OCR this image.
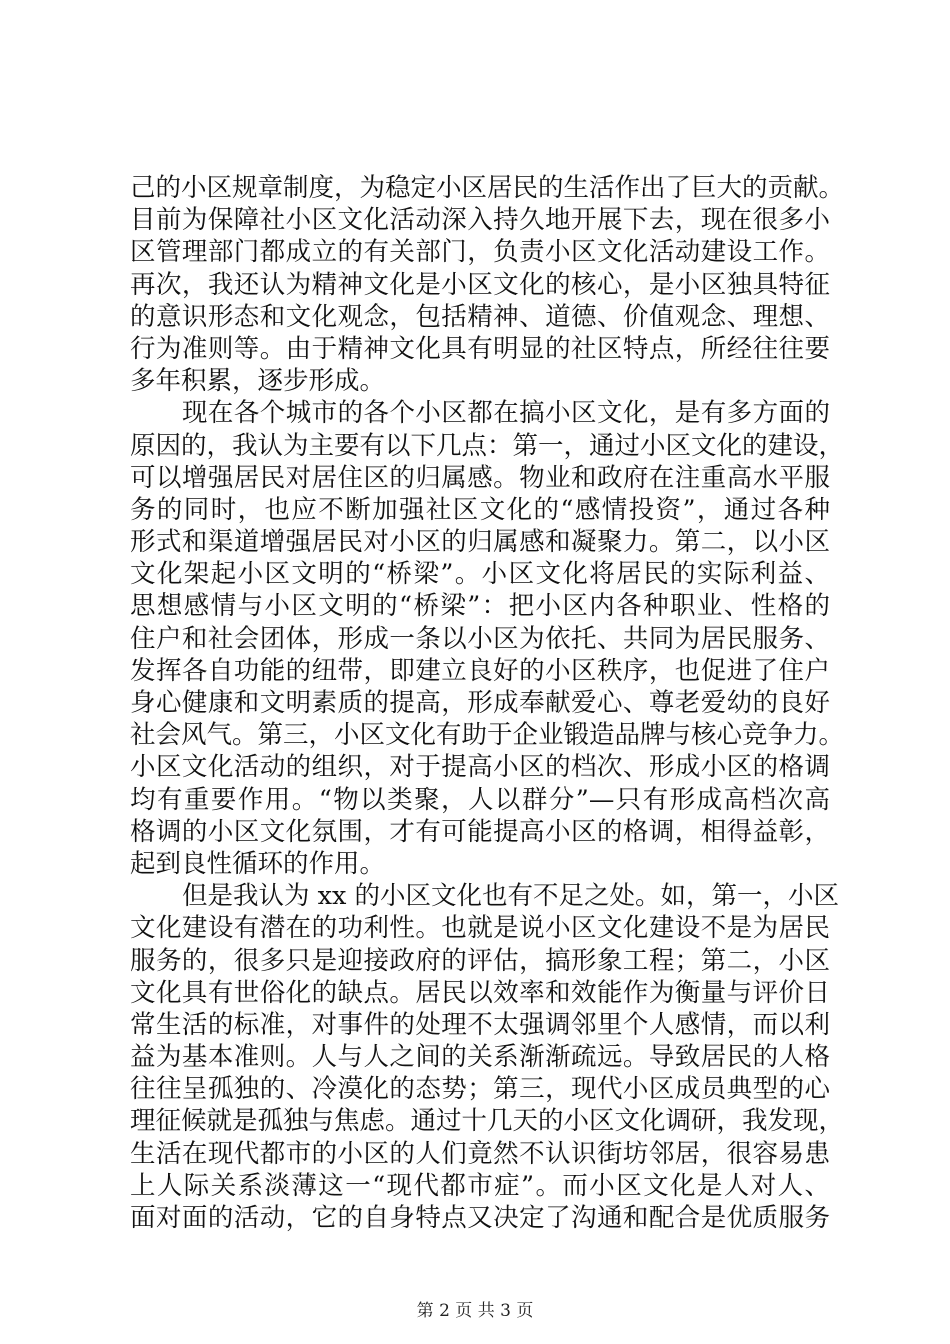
己的小区规章制度，为稳定小区居民的生活作出了巨大的贡献。
目前为保障社小区文化活动深入持久地开展下去，现在很多小
区管理部门都成立的有关部门，负责小区文化活动建设工作。
再次，我还认为精神文化是小区文化的核心，是小区独具特征
的意识形态和文化观念，包括精神、道德、价值观念、理想、
行为准则等。由于精神文化具有明显的社区特点，所经往往要
多年积累，逐步形成。
现在各个城市的各个小区都在搞小区文化，是有多方面的
原因的，我认为主要有以下几点：第一，通过小区文化的建设，
可以增强居民对居住区的归属感。物业和政府在注重高水平服
务的同时，也应不断加强社区文化的“感情投资”，通过各种
形式和渠道增强居民对小区的归属感和凝聚力。第二，以小区
文化架起小区文明的“桥梁”。小区文化将居民的实际利益、
思想感情与小区文明的“桥梁”：把小区内各种职业、性格的
住户和社会团体，形成一条以小区为依托、共同为居民服务、
发挥各自功能的纽带，即建立良好的小区秩序，也促进了住户
身心健康和文明素质的提高，形成奉献爱心、尊老爱幼的良好
社会风气。第三，小区文化有助于企业锻造品牌与核心竞争力。
小区文化活动的组织，对于提高小区的档次、形成小区的格调
均有重要作用。“物以类聚，人以群分”—只有形成高档次高
格调的小区文化氛围，才有可能提高小区的格调，相得益彰，
起到良性循环的作用。
但是我认为 xx 的小区文化也有不足之处。如，第一，小区
文化建设有潜在的功利性。也就是说小区文化建设不是为居民
服务的，很多只是迎接政府的评估，搞形象工程；第二，小区
文化具有世俗化的缺点。居民以效率和效能作为衡量与评价日
常生活的标准，对事件的处理不太强调邻里个人感情，而以利
益为基本准则。人与人之间的关系渐渐疏远。导致居民的人格
往往呈孤独的、冷漠化的态势；第三，现代小区成员典型的心
理征候就是孤独与焦虑。通过十几天的小区文化调研，我发现，
生活在现代都市的小区的人们竟然不认识街坊邻居，很容易患
上人际关系淡薄这一“现代都市症”。而小区文化是人对人、
面对面的活动，它的自身特点又决定了沟通和配合是优质服务
第 2 页 共 3 页
